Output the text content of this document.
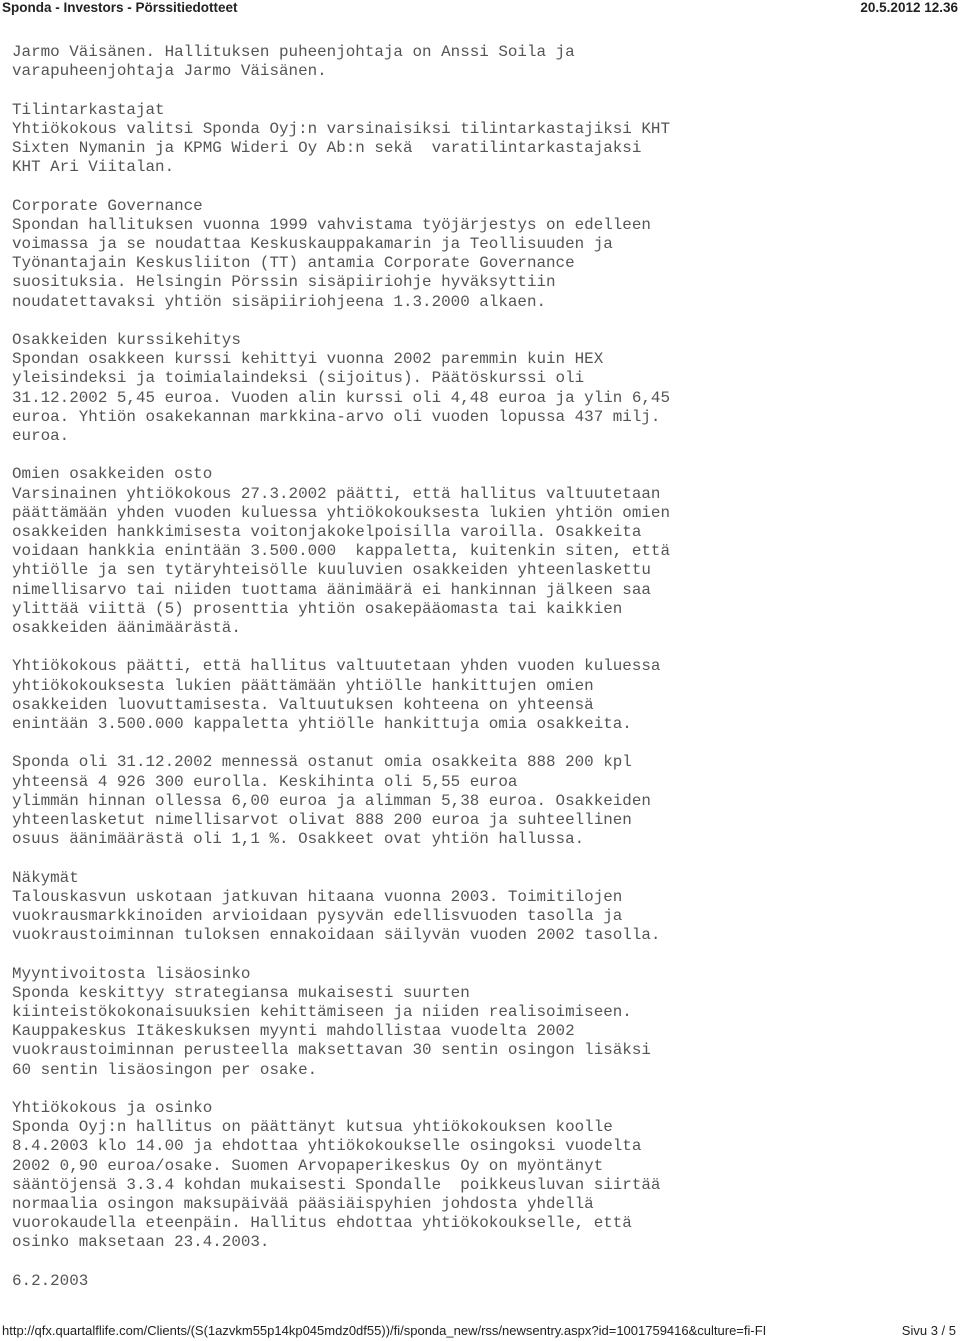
Sponda - Investors - Pörssitiedotteet	20.5.2012 12.36
Jarmo Väisänen. Hallituksen puheenjohtaja on Anssi Soila ja
varapuheenjohtaja Jarmo Väisänen.
Tilintarkastajat
Yhtiökokous valitsi Sponda Oyj:n varsinaisiksi tilintarkastajiksi KHT
Sixten Nymanin ja KPMG Wideri Oy Ab:n sekä  varatilintarkastajaksi
KHT Ari Viitalan.
Corporate Governance
Spondan hallituksen vuonna 1999 vahvistama työjärjestys on edelleen
voimassa ja se noudattaa Keskuskauppakamarin ja Teollisuuden ja
Työnantajain Keskusliiton (TT) antamia Corporate Governance
suosituksia. Helsingin Pörssin sisäpiiriohje hyväksyttiin
noudatettavaksi yhtiön sisäpiiriohjeena 1.3.2000 alkaen.
Osakkeiden kurssikehitys
Spondan osakkeen kurssi kehittyi vuonna 2002 paremmin kuin HEX
yleisindeksi ja toimialaindeksi (sijoitus). Päätöskurssi oli
31.12.2002 5,45 euroa. Vuoden alin kurssi oli 4,48 euroa ja ylin 6,45
euroa. Yhtiön osakekannan markkina-arvo oli vuoden lopussa 437 milj.
euroa.
Omien osakkeiden osto
Varsinainen yhtiökokous 27.3.2002 päätti, että hallitus valtuutetaan
päättämään yhden vuoden kuluessa yhtiökokouksesta lukien yhtiön omien
osakkeiden hankkimisesta voitonjakokelpoisilla varoilla. Osakkeita
voidaan hankkia enintään 3.500.000  kappaletta, kuitenkin siten, että
yhtiölle ja sen tytäryhteisölle kuuluvien osakkeiden yhteenlaskettu
nimellisarvo tai niiden tuottama äänimäärä ei hankinnan jälkeen saa
ylittää viittä (5) prosenttia yhtiön osakepääomasta tai kaikkien
osakkeiden äänimäärästä.
Yhtiökokous päätti, että hallitus valtuutetaan yhden vuoden kuluessa
yhtiökokouksesta lukien päättämään yhtiölle hankittujen omien
osakkeiden luovuttamisesta. Valtuutuksen kohteena on yhteensä
enintään 3.500.000 kappaletta yhtiölle hankittuja omia osakkeita.
Sponda oli 31.12.2002 mennessä ostanut omia osakkeita 888 200 kpl
yhteensä 4 926 300 eurolla. Keskihinta oli 5,55 euroa
ylimmän hinnan ollessa 6,00 euroa ja alimman 5,38 euroa. Osakkeiden
yhteenlasketut nimellisarvot olivat 888 200 euroa ja suhteellinen
osuus äänimäärästä oli 1,1 %. Osakkeet ovat yhtiön hallussa.
Näkymät
Talouskasvun uskotaan jatkuvan hitaana vuonna 2003. Toimitilojen
vuokrausmarkkinoiden arvioidaan pysyvän edellisvuoden tasolla ja
vuokraustoiminnan tuloksen ennakoidaan säilyvän vuoden 2002 tasolla.
Myyntivoitosta lisäosinko
Sponda keskittyy strategiansa mukaisesti suurten
kiinteistökokonaisuuksien kehittämiseen ja niiden realisoimiseen.
Kauppakeskus Itäkeskuksen myynti mahdollistaa vuodelta 2002
vuokraustoiminnan perusteella maksettavan 30 sentin osingon lisäksi
60 sentin lisäosingon per osake.
Yhtiökokous ja osinko
Sponda Oyj:n hallitus on päättänyt kutsua yhtiökokouksen koolle
8.4.2003 klo 14.00 ja ehdottaa yhtiökokoukselle osingoksi vuodelta
2002 0,90 euroa/osake. Suomen Arvopaperikeskus Oy on myöntänyt
sääntöjensä 3.3.4 kohdan mukaisesti Spondalle  poikkeusluvan siirtää
normaalia osingon maksupäivää pääsiäispyhien johdosta yhdellä
vuorokaudella eteenpäin. Hallitus ehdottaa yhtiökokoukselle, että
osinko maksetaan 23.4.2003.
6.2.2003
http://qfx.quartalflife.com/Clients/(S(1azvkm55p14kp045mdz0df55))/fi/sponda_new/rss/newsentry.aspx?id=1001759416&culture=fi-FI	Sivu 3 / 5
